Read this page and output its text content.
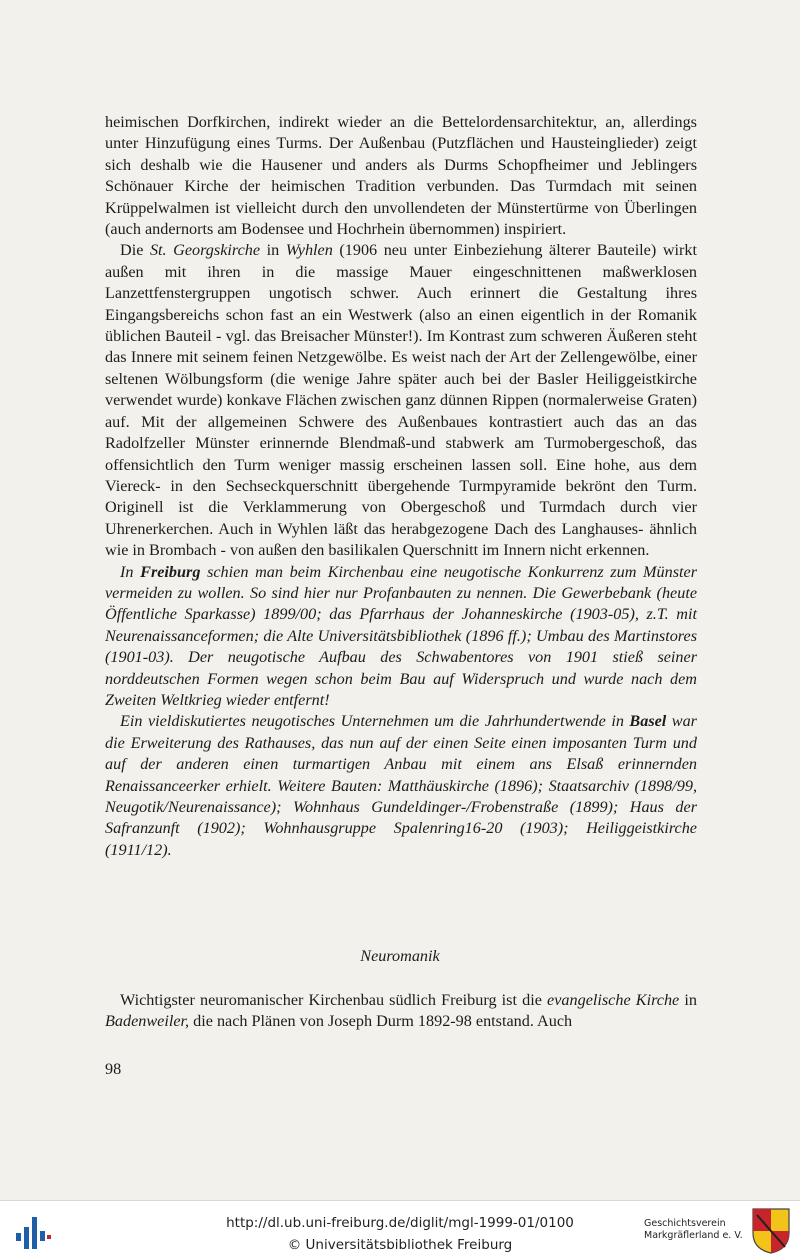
heimischen Dorfkirchen, indirekt wieder an die Bettelordensarchitektur, an, allerdings unter Hinzufügung eines Turms. Der Außenbau (Putzflächen und Hausteinglieder) zeigt sich deshalb wie die Hausener und anders als Durms Schopfheimer und Jeblingers Schönauer Kirche der heimischen Tradition verbunden. Das Turmdach mit seinen Krüppelwalmen ist vielleicht durch den unvollendeten der Münstertürme von Überlingen (auch andernorts am Bodensee und Hochrhein übernommen) inspiriert.

Die St. Georgskirche in Wyhlen (1906 neu unter Einbeziehung älterer Bauteile) wirkt außen mit ihren in die massige Mauer eingeschnittenen maßwerklosen Lanzettfenstergruppen ungotisch schwer. Auch erinnert die Gestaltung ihres Eingangsbereichs schon fast an ein Westwerk (also an einen eigentlich in der Romanik üblichen Bauteil - vgl. das Breisacher Münster!). Im Kontrast zum schweren Äußeren steht das Innere mit seinem feinen Netzgewölbe. Es weist nach der Art der Zellengewölbe, einer seltenen Wölbungsform (die wenige Jahre später auch bei der Basler Heiliggeistkirche verwendet wurde) konkave Flächen zwischen ganz dünnen Rippen (normalerweise Graten) auf. Mit der allgemeinen Schwere des Außenbaues kontrastiert auch das an das Radolfzeller Münster erinnernde Blendmaß-und stabwerk am Turmobergeschoß, das offensichtlich den Turm weniger massig erscheinen lassen soll. Eine hohe, aus dem Viereck- in den Sechseckquerschnitt übergehende Turmpyramide bekrönt den Turm. Originell ist die Verklammerung von Obergeschoß und Turmdach durch vier Uhrenerkerchen. Auch in Wyhlen läßt das herabgezogene Dach des Langhauses- ähnlich wie in Brombach - von außen den basilikalen Querschnitt im Innern nicht erkennen.

In Freiburg schien man beim Kirchenbau eine neugotische Konkurrenz zum Münster vermeiden zu wollen. So sind hier nur Profanbauten zu nennen. Die Gewerbebank (heute Öffentliche Sparkasse) 1899/00; das Pfarrhaus der Johanneskirche (1903-05), z.T. mit Neurenaissanceformen; die Alte Universitätsbibliothek (1896 ff.); Umbau des Martinstores (1901-03). Der neugotische Aufbau des Schwabentores von 1901 stieß seiner norddeutschen Formen wegen schon beim Bau auf Widerspruch und wurde nach dem Zweiten Weltkrieg wieder entfernt!

Ein vieldiskutiertes neugotisches Unternehmen um die Jahrhundertwende in Basel war die Erweiterung des Rathauses, das nun auf der einen Seite einen imposanten Turm und auf der anderen einen turmartigen Anbau mit einem ans Elsaß erinnernden Renaissanceerker erhielt. Weitere Bauten: Matthäuskirche (1896); Staatsarchiv (1898/99, Neugotik/Neurenaissance); Wohnhaus Gundeldinger-/Frobenstraße (1899); Haus der Safranzunft (1902); Wohnhausgruppe Spalenring16-20 (1903); Heiliggeistkirche (1911/12).

Neuromanik

Wichtigster neuromanischer Kirchenbau südlich Freiburg ist die evangelische Kirche in Badenweiler, die nach Plänen von Joseph Durm 1892-98 entstand. Auch

98
http://dl.ub.uni-freiburg.de/diglit/mgl-1999-01/0100
© Universitätsbibliothek Freiburg
Geschichtsverein
Markgräflerland e. V.
